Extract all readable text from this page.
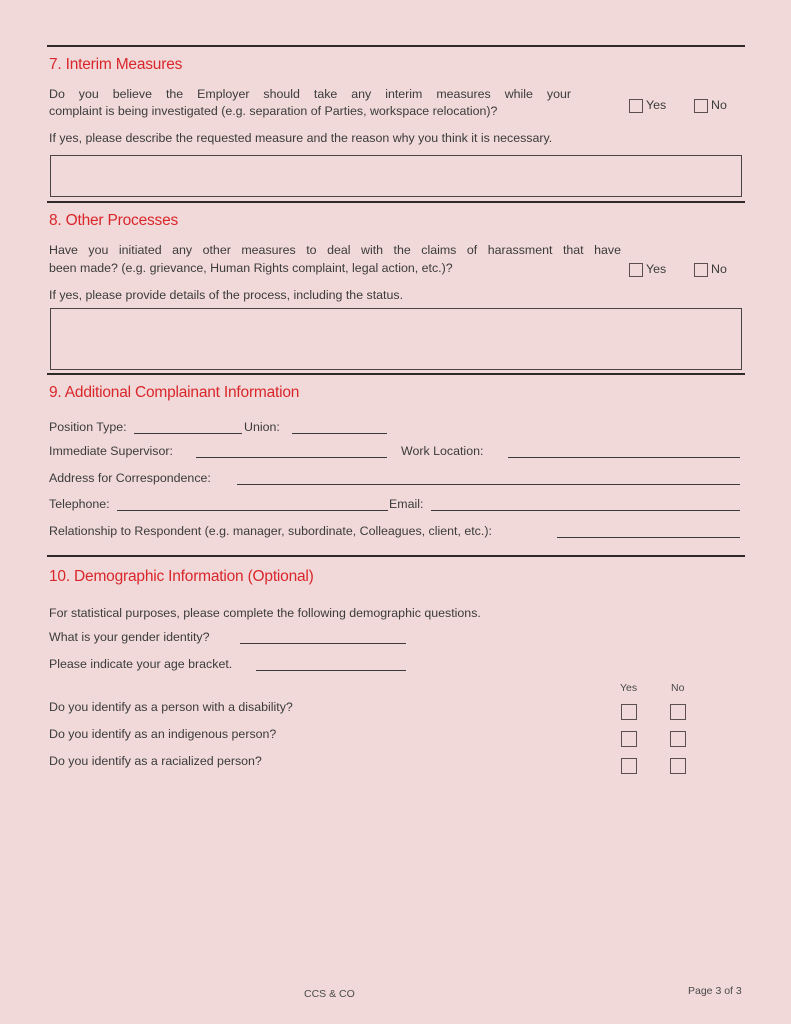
7. Interim Measures
Do you believe the Employer should take any interim measures while your
complaint is being investigated (e.g. separation of Parties, workspace relocation)?	Yes	No
If yes, please describe the requested measure and the reason why you think it is necessary.
8. Other Processes
Have you initiated any other measures to deal with the claims of harassment that have
been made? (e.g. grievance, Human Rights complaint, legal action, etc.)?	Yes	No
If yes, please provide details of the process, including the status.
9. Additional Complainant Information
Position Type:	Union:
Immediate Supervisor:	Work Location:
Address for Correspondence:
Telephone:	Email:
Relationship to Respondent (e.g. manager, subordinate, Colleagues, client, etc.):
10. Demographic Information (Optional)
For statistical purposes, please complete the following demographic questions.
What is your gender identity?
Please indicate your age bracket.
Yes	No
Do you identify as a person with a disability?
Do you identify as an indigenous person?
Do you identify as a racialized person?
CCS & CO	Page 3 of 3
